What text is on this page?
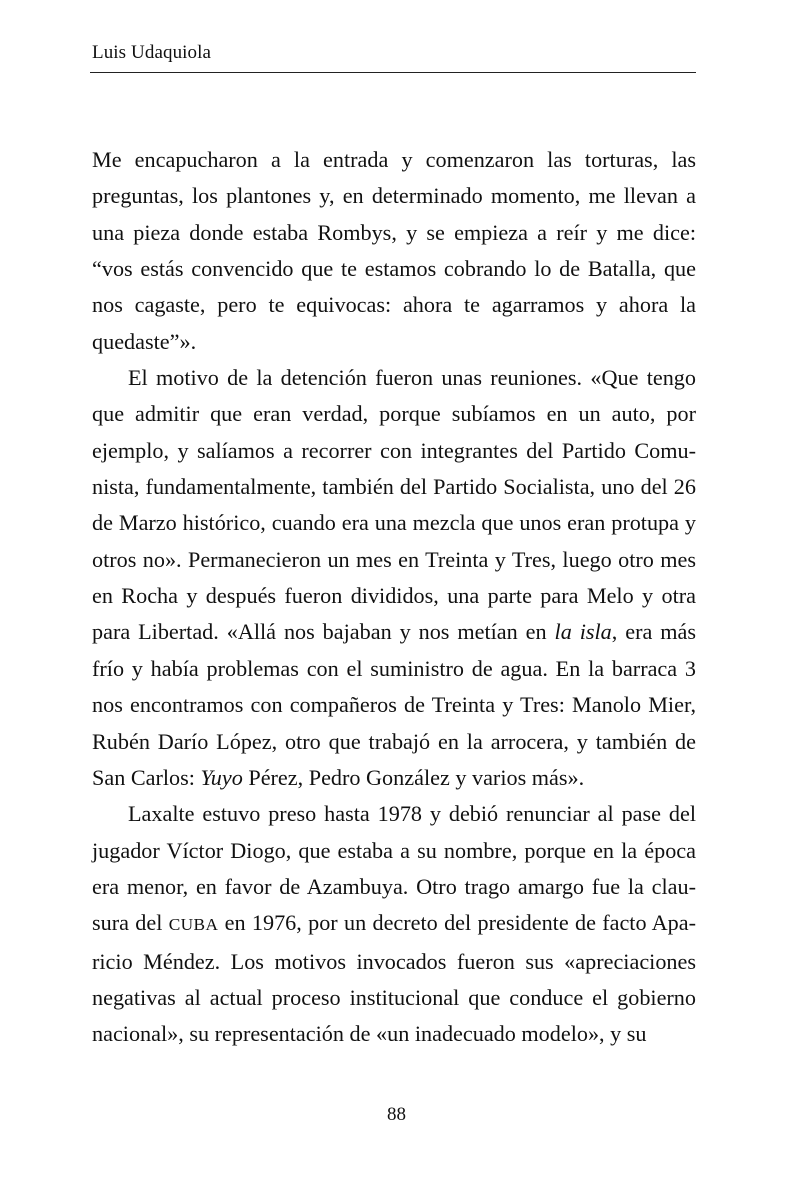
Luis Udaquiola

Me encapucharon a la entrada y comenzaron las torturas, las preguntas, los plantones y, en determinado momento, me llevan a una pieza donde estaba Rombys, y se empieza a reír y me dice: “vos estás convencido que te estamos cobrando lo de Batalla, que nos cagaste, pero te equivocas: ahora te agarramos y ahora la quedaste”».

El motivo de la detención fueron unas reuniones. «Que tengo que admitir que eran verdad, porque subíamos en un auto, por ejemplo, y salíamos a recorrer con integrantes del Partido Comunista, fundamentalmente, también del Partido Socialista, uno del 26 de Marzo histórico, cuando era una mezcla que unos eran protupa y otros no». Permanecieron un mes en Treinta y Tres, luego otro mes en Rocha y después fueron divididos, una parte para Melo y otra para Libertad. «Allá nos bajaban y nos metían en la isla, era más frío y había problemas con el suministro de agua. En la barraca 3 nos encontramos con compañeros de Treinta y Tres: Manolo Mier, Rubén Darío López, otro que trabajó en la arrocera, y también de San Carlos: Yuyo Pérez, Pedro González y varios más».

Laxalte estuvo preso hasta 1978 y debió renunciar al pase del jugador Víctor Diogo, que estaba a su nombre, porque en la época era menor, en favor de Azambuya. Otro trago amargo fue la clausura del CUBA en 1976, por un decreto del presidente de facto Aparicio Méndez. Los motivos invocados fueron sus «apreciaciones negativas al actual proceso institucional que conduce el gobierno nacional», su representación de «un inadecuado modelo», y su

88
